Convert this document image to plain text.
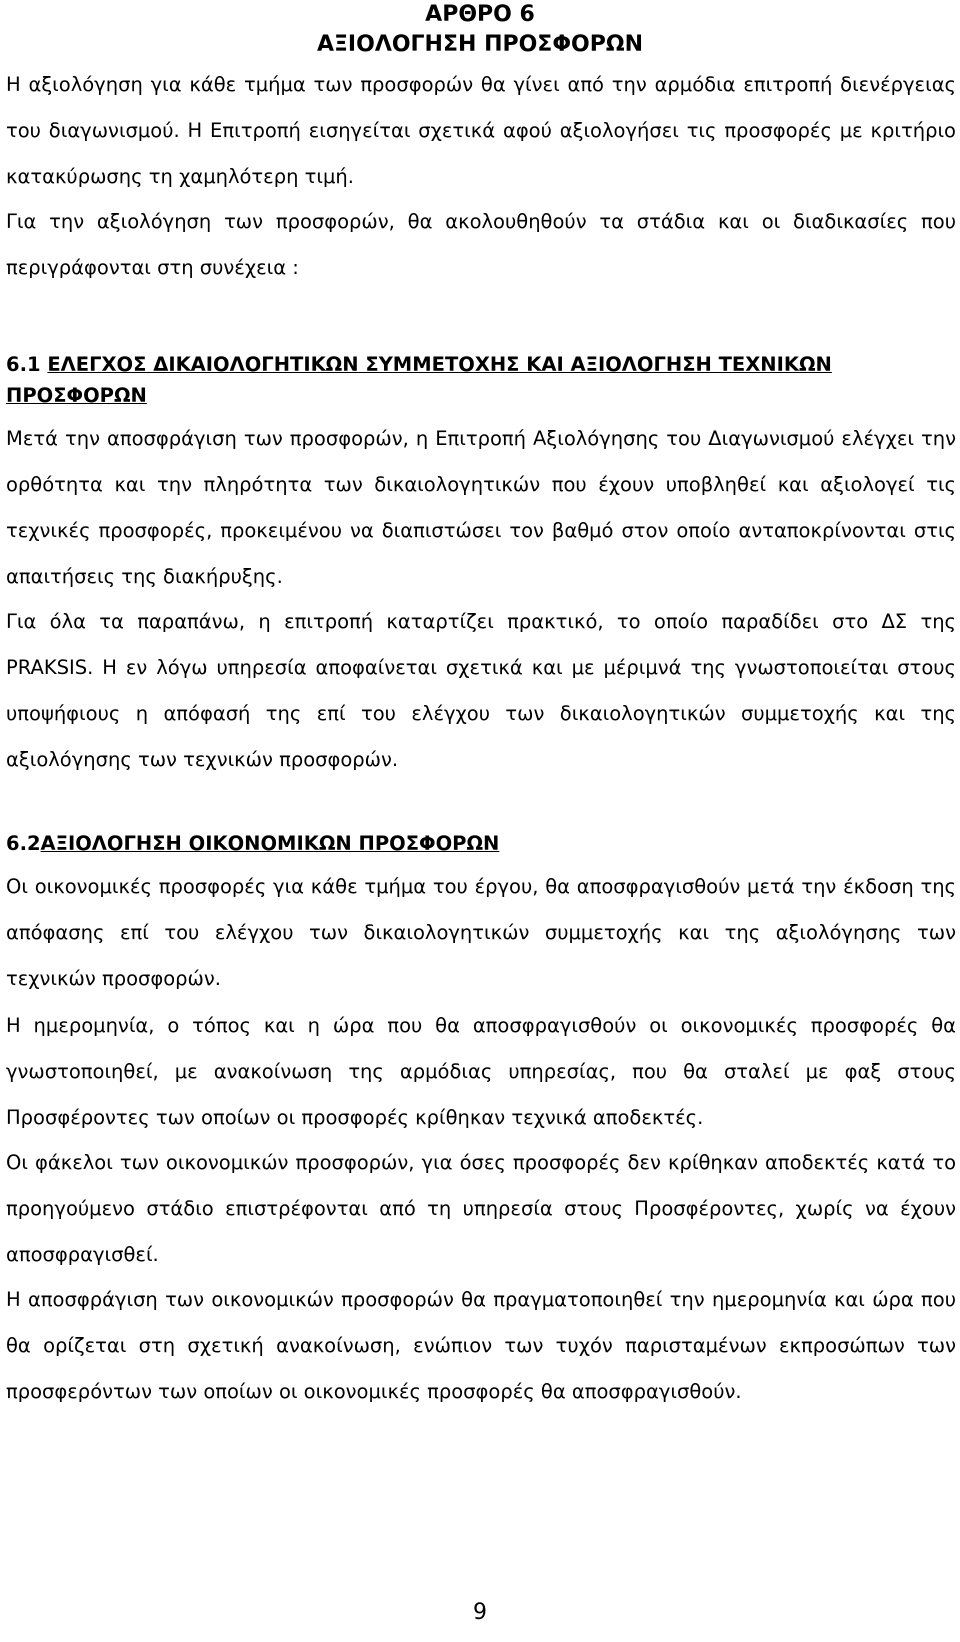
ΑΡΘΡΟ 6

ΑΞΙΟΛΟΓΗΣΗ ΠΡΟΣΦΟΡΩΝ

Η αξιολόγηση για κάθε τμήμα των προσφορών θα γίνει από την αρμόδια επιτροπή διενέργειας του διαγωνισμού. Η Επιτροπή εισηγείται σχετικά αφού αξιολογήσει τις προσφορές με κριτήριο κατακύρωσης τη χαμηλότερη τιμή.

Για την αξιολόγηση των προσφορών, θα ακολουθηθούν τα στάδια και οι διαδικασίες που περιγράφονται στη συνέχεια :

6.1 ΕΛΕΓΧΟΣ ΔΙΚΑΙΟΛΟΓΗΤΙΚΩΝ ΣΥΜΜΕΤΟΧΗΣ ΚΑΙ ΑΞΙΟΛΟΓΗΣΗ ΤΕΧΝΙΚΩΝ ΠΡΟΣΦΟΡΩΝ

Μετά την αποσφράγιση των προσφορών, η Επιτροπή Αξιολόγησης του Διαγωνισμού ελέγχει την ορθότητα και την πληρότητα των δικαιολογητικών που έχουν υποβληθεί και αξιολογεί τις τεχνικές προσφορές, προκειμένου να διαπιστώσει τον βαθμό στον οποίο ανταποκρίνονται στις απαιτήσεις της διακήρυξης.

Για όλα τα παραπάνω, η επιτροπή καταρτίζει πρακτικό, το οποίο παραδίδει στο ΔΣ της PRAKSIS. Η εν λόγω υπηρεσία αποφαίνεται σχετικά και με μέριμνά της γνωστοποιείται στους υποψήφιους η απόφασή της επί του ελέγχου των δικαιολογητικών συμμετοχής και της αξιολόγησης των τεχνικών προσφορών.

6.2ΑΞΙΟΛΟΓΗΣΗ ΟΙΚΟΝΟΜΙΚΩΝ ΠΡΟΣΦΟΡΩΝ

Οι οικονομικές προσφορές για κάθε τμήμα του έργου, θα αποσφραγισθούν μετά την έκδοση της απόφασης επί του ελέγχου των δικαιολογητικών συμμετοχής και της αξιολόγησης των τεχνικών προσφορών.

Η ημερομηνία, ο τόπος και η ώρα που θα αποσφραγισθούν οι οικονομικές προσφορές θα γνωστοποιηθεί, με ανακοίνωση της αρμόδιας υπηρεσίας, που θα σταλεί με φαξ στους Προσφέροντες των οποίων οι προσφορές κρίθηκαν τεχνικά αποδεκτές.

Οι φάκελοι των οικονομικών προσφορών, για όσες προσφορές δεν κρίθηκαν αποδεκτές κατά το προηγούμενο στάδιο επιστρέφονται από τη υπηρεσία στους Προσφέροντες, χωρίς να έχουν αποσφραγισθεί.

Η αποσφράγιση των οικονομικών προσφορών θα πραγματοποιηθεί την ημερομηνία και ώρα που θα ορίζεται στη σχετική ανακοίνωση, ενώπιον των τυχόν παρισταμένων εκπροσώπων των προσφερόντων των οποίων οι οικονομικές προσφορές θα αποσφραγισθούν.

9
